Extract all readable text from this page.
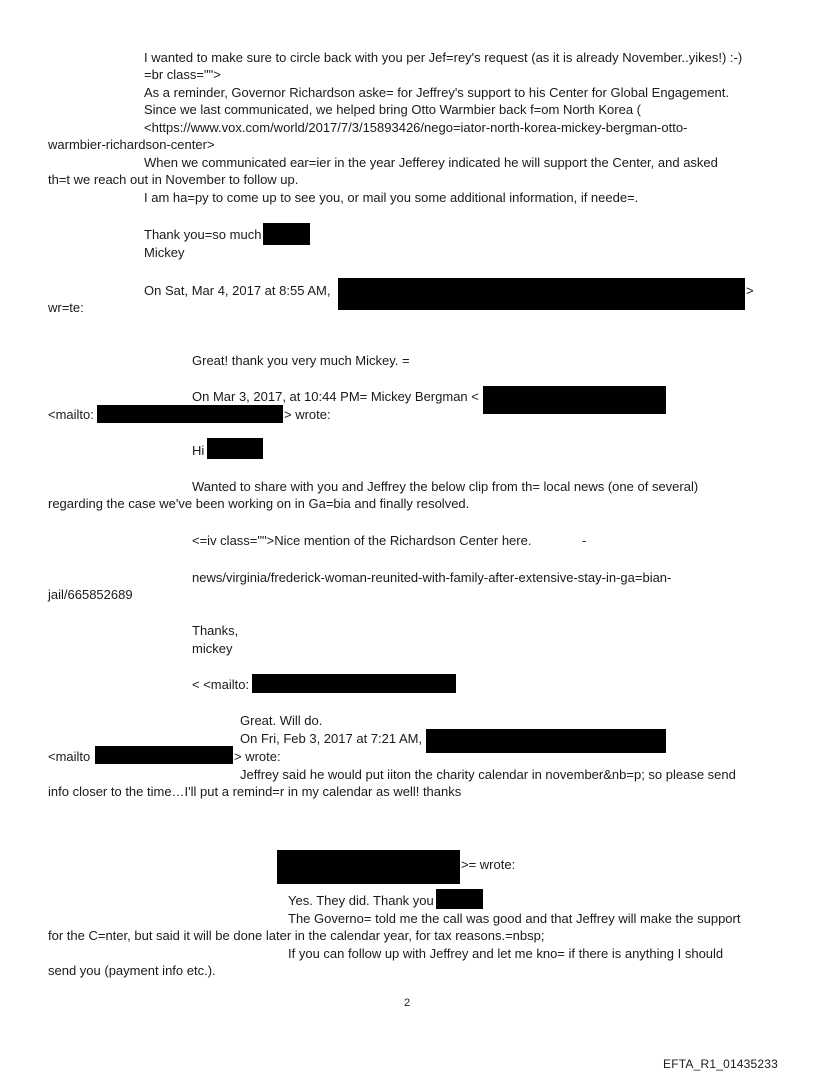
I wanted to make sure to circle back with you per Jef=rey's request (as it is already November..yikes!) :-)
=br class="">
As a reminder, Governor Richardson aske= for Jeffrey's support to his Center for Global Engagement.
Since we last communicated, we helped bring Otto Warmbier back f=om North Korea (
<https://www.vox.com/world/2017/7/3/15893426/nego=iator-north-korea-mickey-bergman-otto-
warmbier-richardson-center>
When we communicated ear=ier in the year Jefferey indicated he will support the Center, and asked
th=t we reach out in November to follow up.
I am ha=py to come up to see you, or mail you some additional information, if neede=.
Thank you=so much
Mickey
On Sat, Mar 4, 2017 at 8:55 AM,	>
wr=te:
Great! thank you very much Mickey. =
On Mar 3, 2017, at 10:44 PM= Mickey Bergman <
<mailto:	> wrote:
Hi
Wanted to share with you and Jeffrey the below clip from th= local news (one of several)
regarding the case we've been working on in Ga=bia and finally resolved.
<=iv class="">Nice mention of the Richardson Center here.	-
news/virginia/frederick-woman-reunited-with-family-after-extensive-stay-in-ga=bian-
jail/665852689
Thanks,
mickey
< <mailto:
Great. Will do.
On Fri, Feb 3, 2017 at 7:21 AM,
<mailto	> wrote:
Jeffrey said he would put iiton the charity calendar in november&nb=p; so please send
info closer to the time…I'll put a remind=r in my calendar as well! thanks
>= wrote:
Yes. They did. Thank you
The Governo= told me the call was good and that Jeffrey will make the support
for the C=nter, but said it will be done later in the calendar year, for tax reasons.=nbsp;
If you can follow up with Jeffrey and let me kno= if there is anything I should
send you (payment info etc.).
2
EFTA_R1_01435233
